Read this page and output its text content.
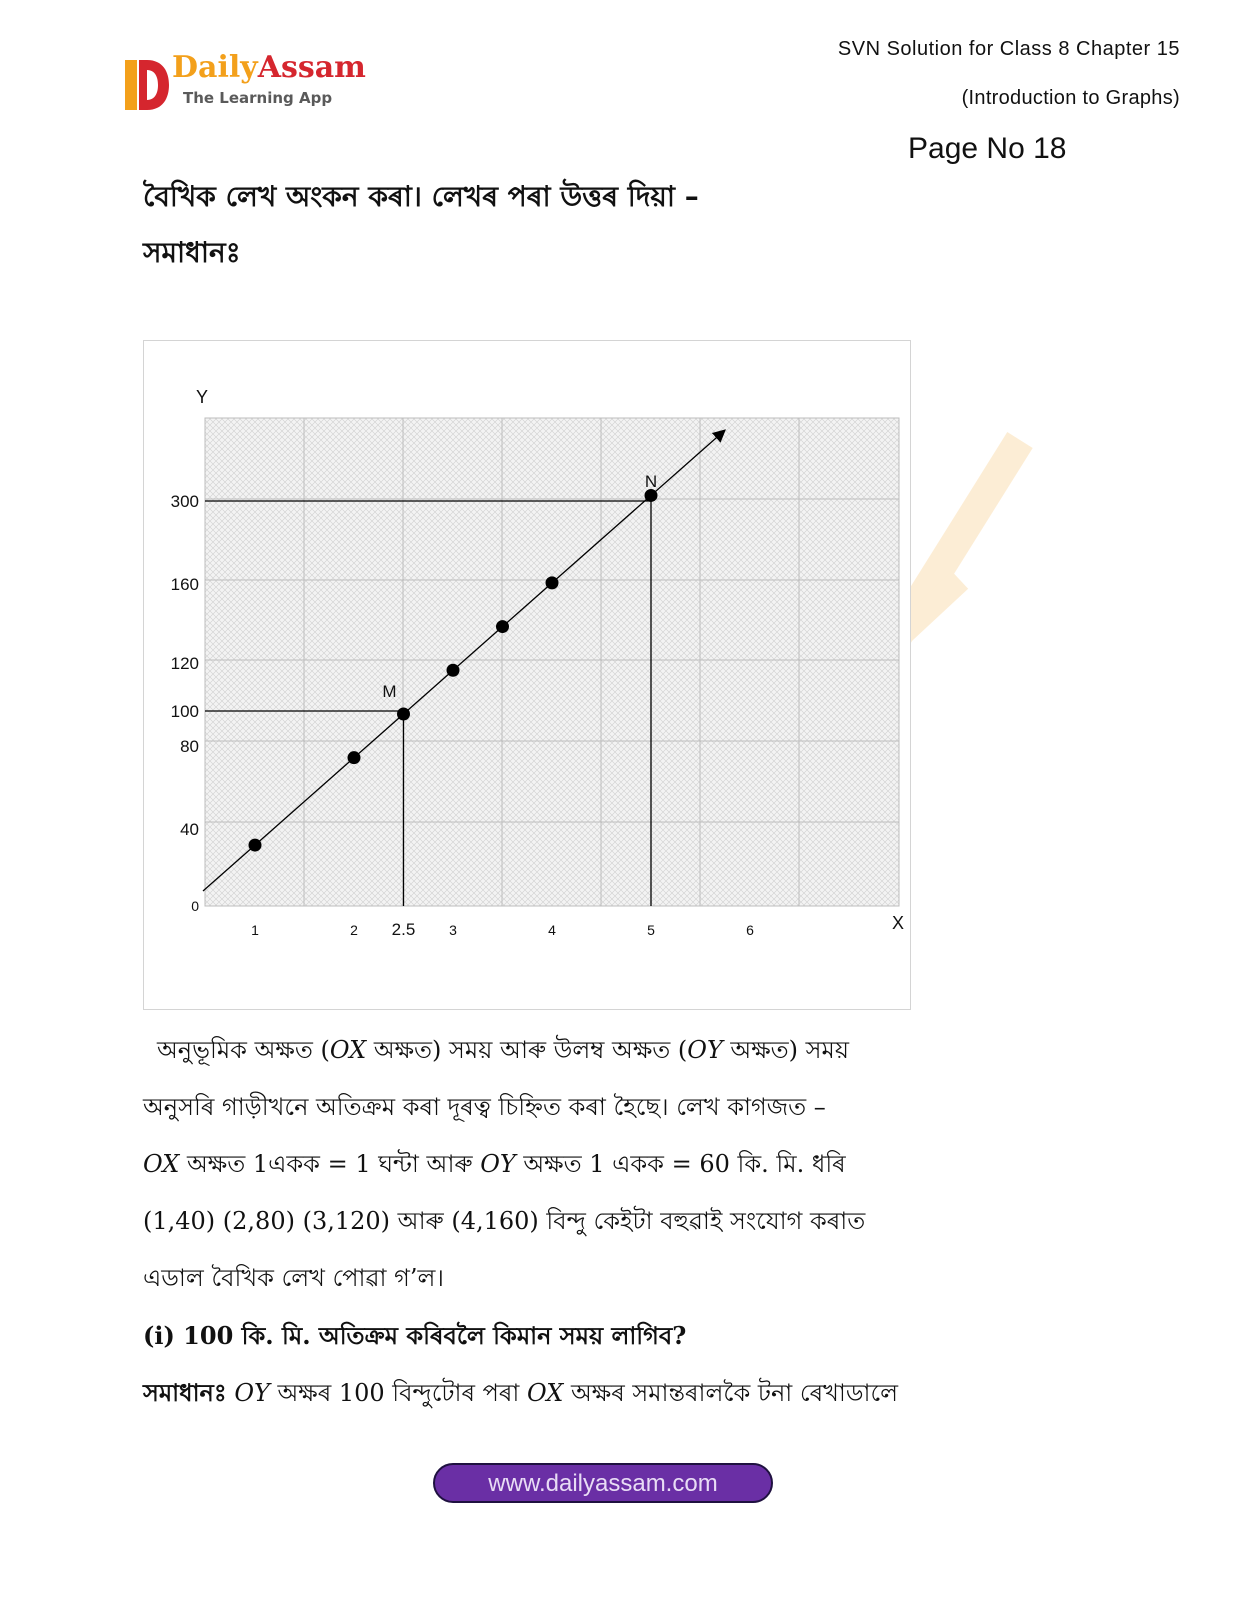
DailyAssam
The Learning App
SVN Solution for Class 8 Chapter 15
(Introduction to Graphs)
Page No 18
বৈখিক লেখ অংকন কৰা। লেখৰ পৰা উত্তৰ দিয়া –
সমাধানঃ
Y
X
1	2 2.5 3	4	5	6
0
40
80
100
120
160
300
M
N

অনুভূমিক অক্ষত (OX অক্ষত) সময় আৰু উলম্ব অক্ষত (OY অক্ষত) সময়

অনুসৰি গাড়ীখনে অতিক্ৰম কৰা দূৰত্ব চিহ্নিত কৰা হৈছে। লেখ কাগজত –

OX অক্ষত 1একক = 1 ঘন্টা আৰু OY অক্ষত 1 একক = 60 কি. মি. ধৰি

(1,40) (2,80) (3,120) আৰু (4,160) বিন্দু কেইটা বহুৱাই সংযোগ কৰাত

এডাল বৈখিক লেখ পোৱা গ’ল।

(i) 100 কি. মি. অতিক্ৰম কৰিবলৈ কিমান সময় লাগিব?

সমাধানঃ OY অক্ষৰ 100 বিন্দুটোৰ পৰা OX অক্ষৰ সমান্তৰালকৈ টনা ৰেখাডালে

www.dailyassam.com
